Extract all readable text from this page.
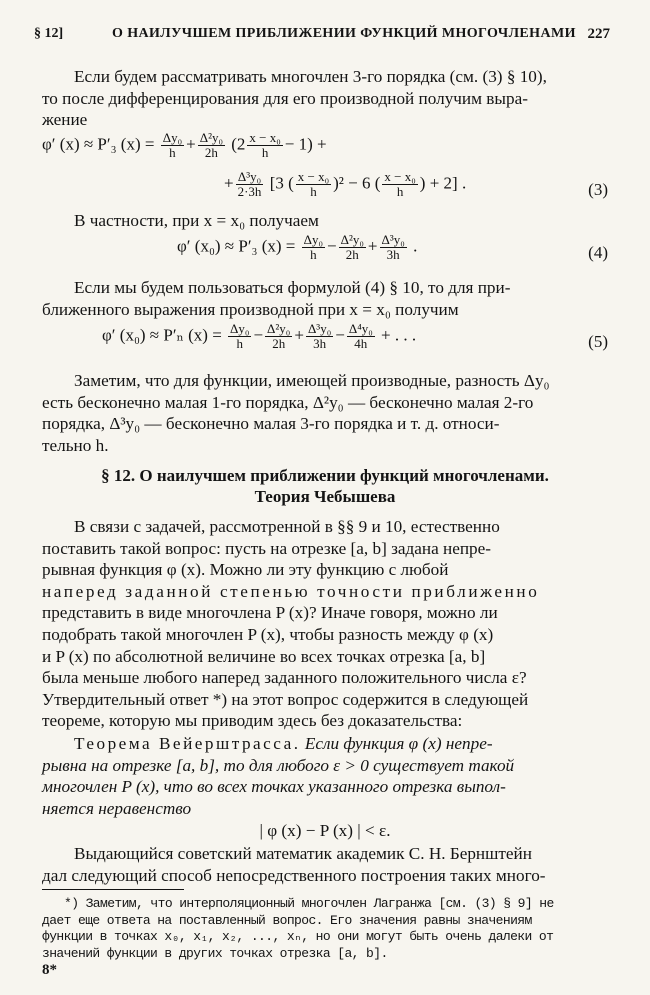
§ 12]	О НАИЛУЧШЕМ ПРИБЛИЖЕНИИ ФУНКЦИЙ МНОГОЧЛЕНАМИ 227

Если будем рассматривать многочлен 3-го порядка (см. (3) § 10),

то после дифференцирования для его производной получим выра-

жение

φ′ (x) ≈ P′₃ $(x) = \frac{\text{Δy₀}}{h} + \frac{\text{Δ²y₀}}{2h} (2 \frac{\text{x − x₀}}{h} - 1)$ +
+ $\frac{\text{Δ³y₀}}{2\cdot 3h} [3$ ( $\frac{\text{x − x₀}}{h} )^2 - 6$ ( $\frac{\text{x − x₀}}{h}$ ) + 2] .	(3)

В частности, при x = x₀ получаем

φ′ (x₀) ≈ P′₃ $(x) = \frac{\text{Δy₀}}{h} - \frac{\text{Δ²y₀}}{2h} + \frac{\text{Δ³y₀}}{3h}$ .	(4)

Если мы будем пользоваться формулой (4) § 10, то для при-

ближенного выражения производной при x = x₀ получим

φ′ (x₀) ≈ P′ₙ $(x) = \frac{\text{Δy₀}}{h} - \frac{\text{Δ²y₀}}{2h} + \frac{\text{Δ³y₀}}{3h} - \frac{\text{Δ⁴y₀}}{4h}$ + . . .	(5)

Заметим, что для функции, имеющей производные, разность Δy₀

есть бесконечно малая 1-го порядка, Δ²y₀ — бесконечно малая 2-го

порядка, Δ³y₀ — бесконечно малая 3-го порядка и т. д. относи-

тельно h.

§ 12. О наилучшем приближении функций многочленами.
Теория Чебышева

В связи с задачей, рассмотренной в §§ 9 и 10, естественно

поставить такой вопрос: пусть на отрезке [a, b] задана непре-

рывная функция φ (x). Можно ли эту функцию с любой

наперед заданной степенью точности приближенно

представить в виде многочлена P (x)? Иначе говоря, можно ли

подобрать такой многочлен P (x), чтобы разность между φ (x)

и P (x) по абсолютной величине во всех точках отрезка [a, b]

была меньше любого наперед заданного положительного числа ε?

Утвердительный ответ *) на этот вопрос содержится в следующей

теореме, которую мы приводим здесь без доказательства:

Теорема Вейерштрасса. Если функция φ (x) непре-

рывна на отрезке [a, b], то для любого ε > 0 существует такой

многочлен P (x), что во всех точках указанного отрезка выпол-

няется неравенство

| φ (x) − P (x) | < ε.

Выдающийся советский математик академик С. Н. Бернштейн

дал следующий способ непосредственного построения таких много-

*) Заметим, что интерполяционный многочлен Лагранжа [см. (3) § 9] не

дает еще ответа на поставленный вопрос. Его значения равны значениям

функции в точках x₀, x₁, x₂, ..., xₙ, но они могут быть очень далеки от

значений функции в других точках отрезка [a, b].

8*
